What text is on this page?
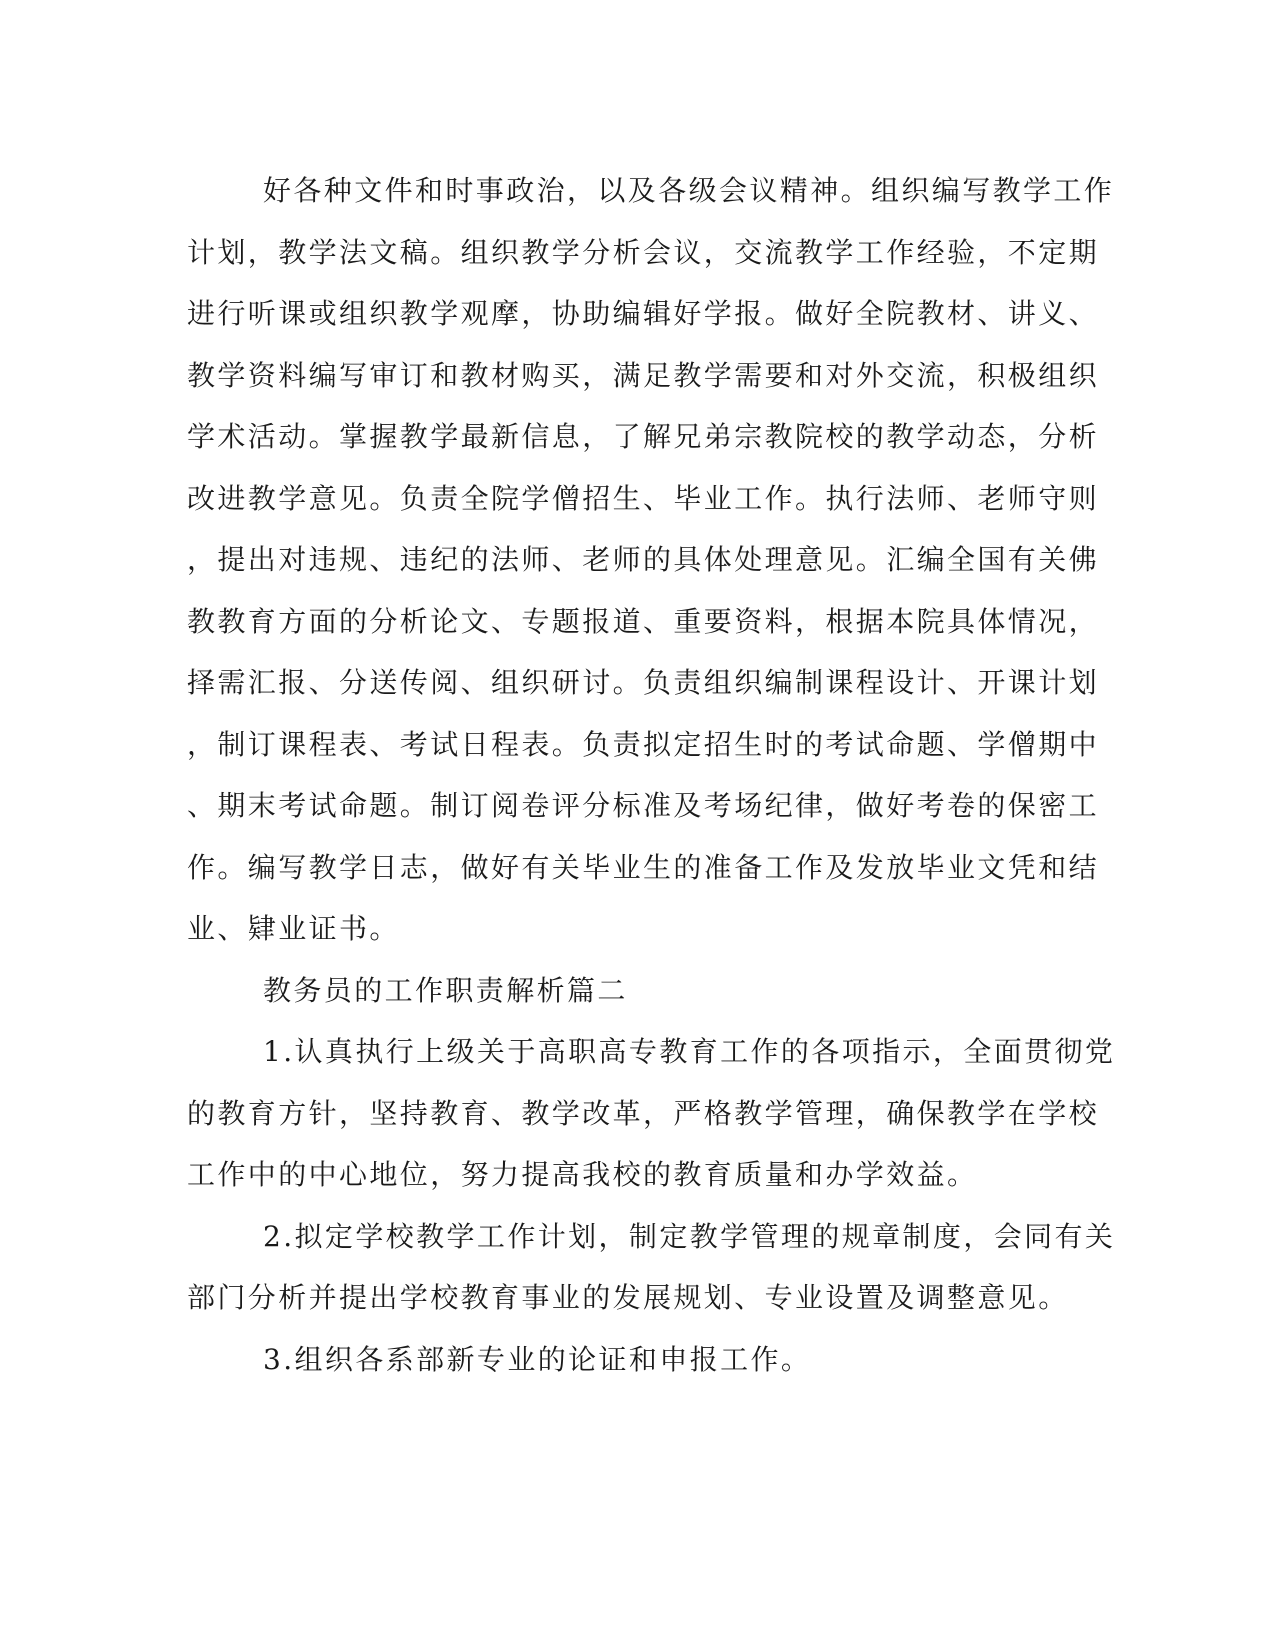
好各种文件和时事政治，以及各级会议精神。组织编写教学工作
计划，教学法文稿。组织教学分析会议，交流教学工作经验，不定期
进行听课或组织教学观摩，协助编辑好学报。做好全院教材、讲义、
教学资料编写审订和教材购买，满足教学需要和对外交流，积极组织
学术活动。掌握教学最新信息，了解兄弟宗教院校的教学动态，分析
改进教学意见。负责全院学僧招生、毕业工作。执行法师、老师守则
，提出对违规、违纪的法师、老师的具体处理意见。汇编全国有关佛
教教育方面的分析论文、专题报道、重要资料，根据本院具体情况，
择需汇报、分送传阅、组织研讨。负责组织编制课程设计、开课计划
，制订课程表、考试日程表。负责拟定招生时的考试命题、学僧期中
、期末考试命题。制订阅卷评分标准及考场纪律，做好考卷的保密工
作。编写教学日志，做好有关毕业生的准备工作及发放毕业文凭和结
业、肄业证书。
教务员的工作职责解析篇二
1.认真执行上级关于高职高专教育工作的各项指示，全面贯彻党
的教育方针，坚持教育、教学改革，严格教学管理，确保教学在学校
工作中的中心地位，努力提高我校的教育质量和办学效益。
2.拟定学校教学工作计划，制定教学管理的规章制度，会同有关
部门分析并提出学校教育事业的发展规划、专业设置及调整意见。
3.组织各系部新专业的论证和申报工作。
